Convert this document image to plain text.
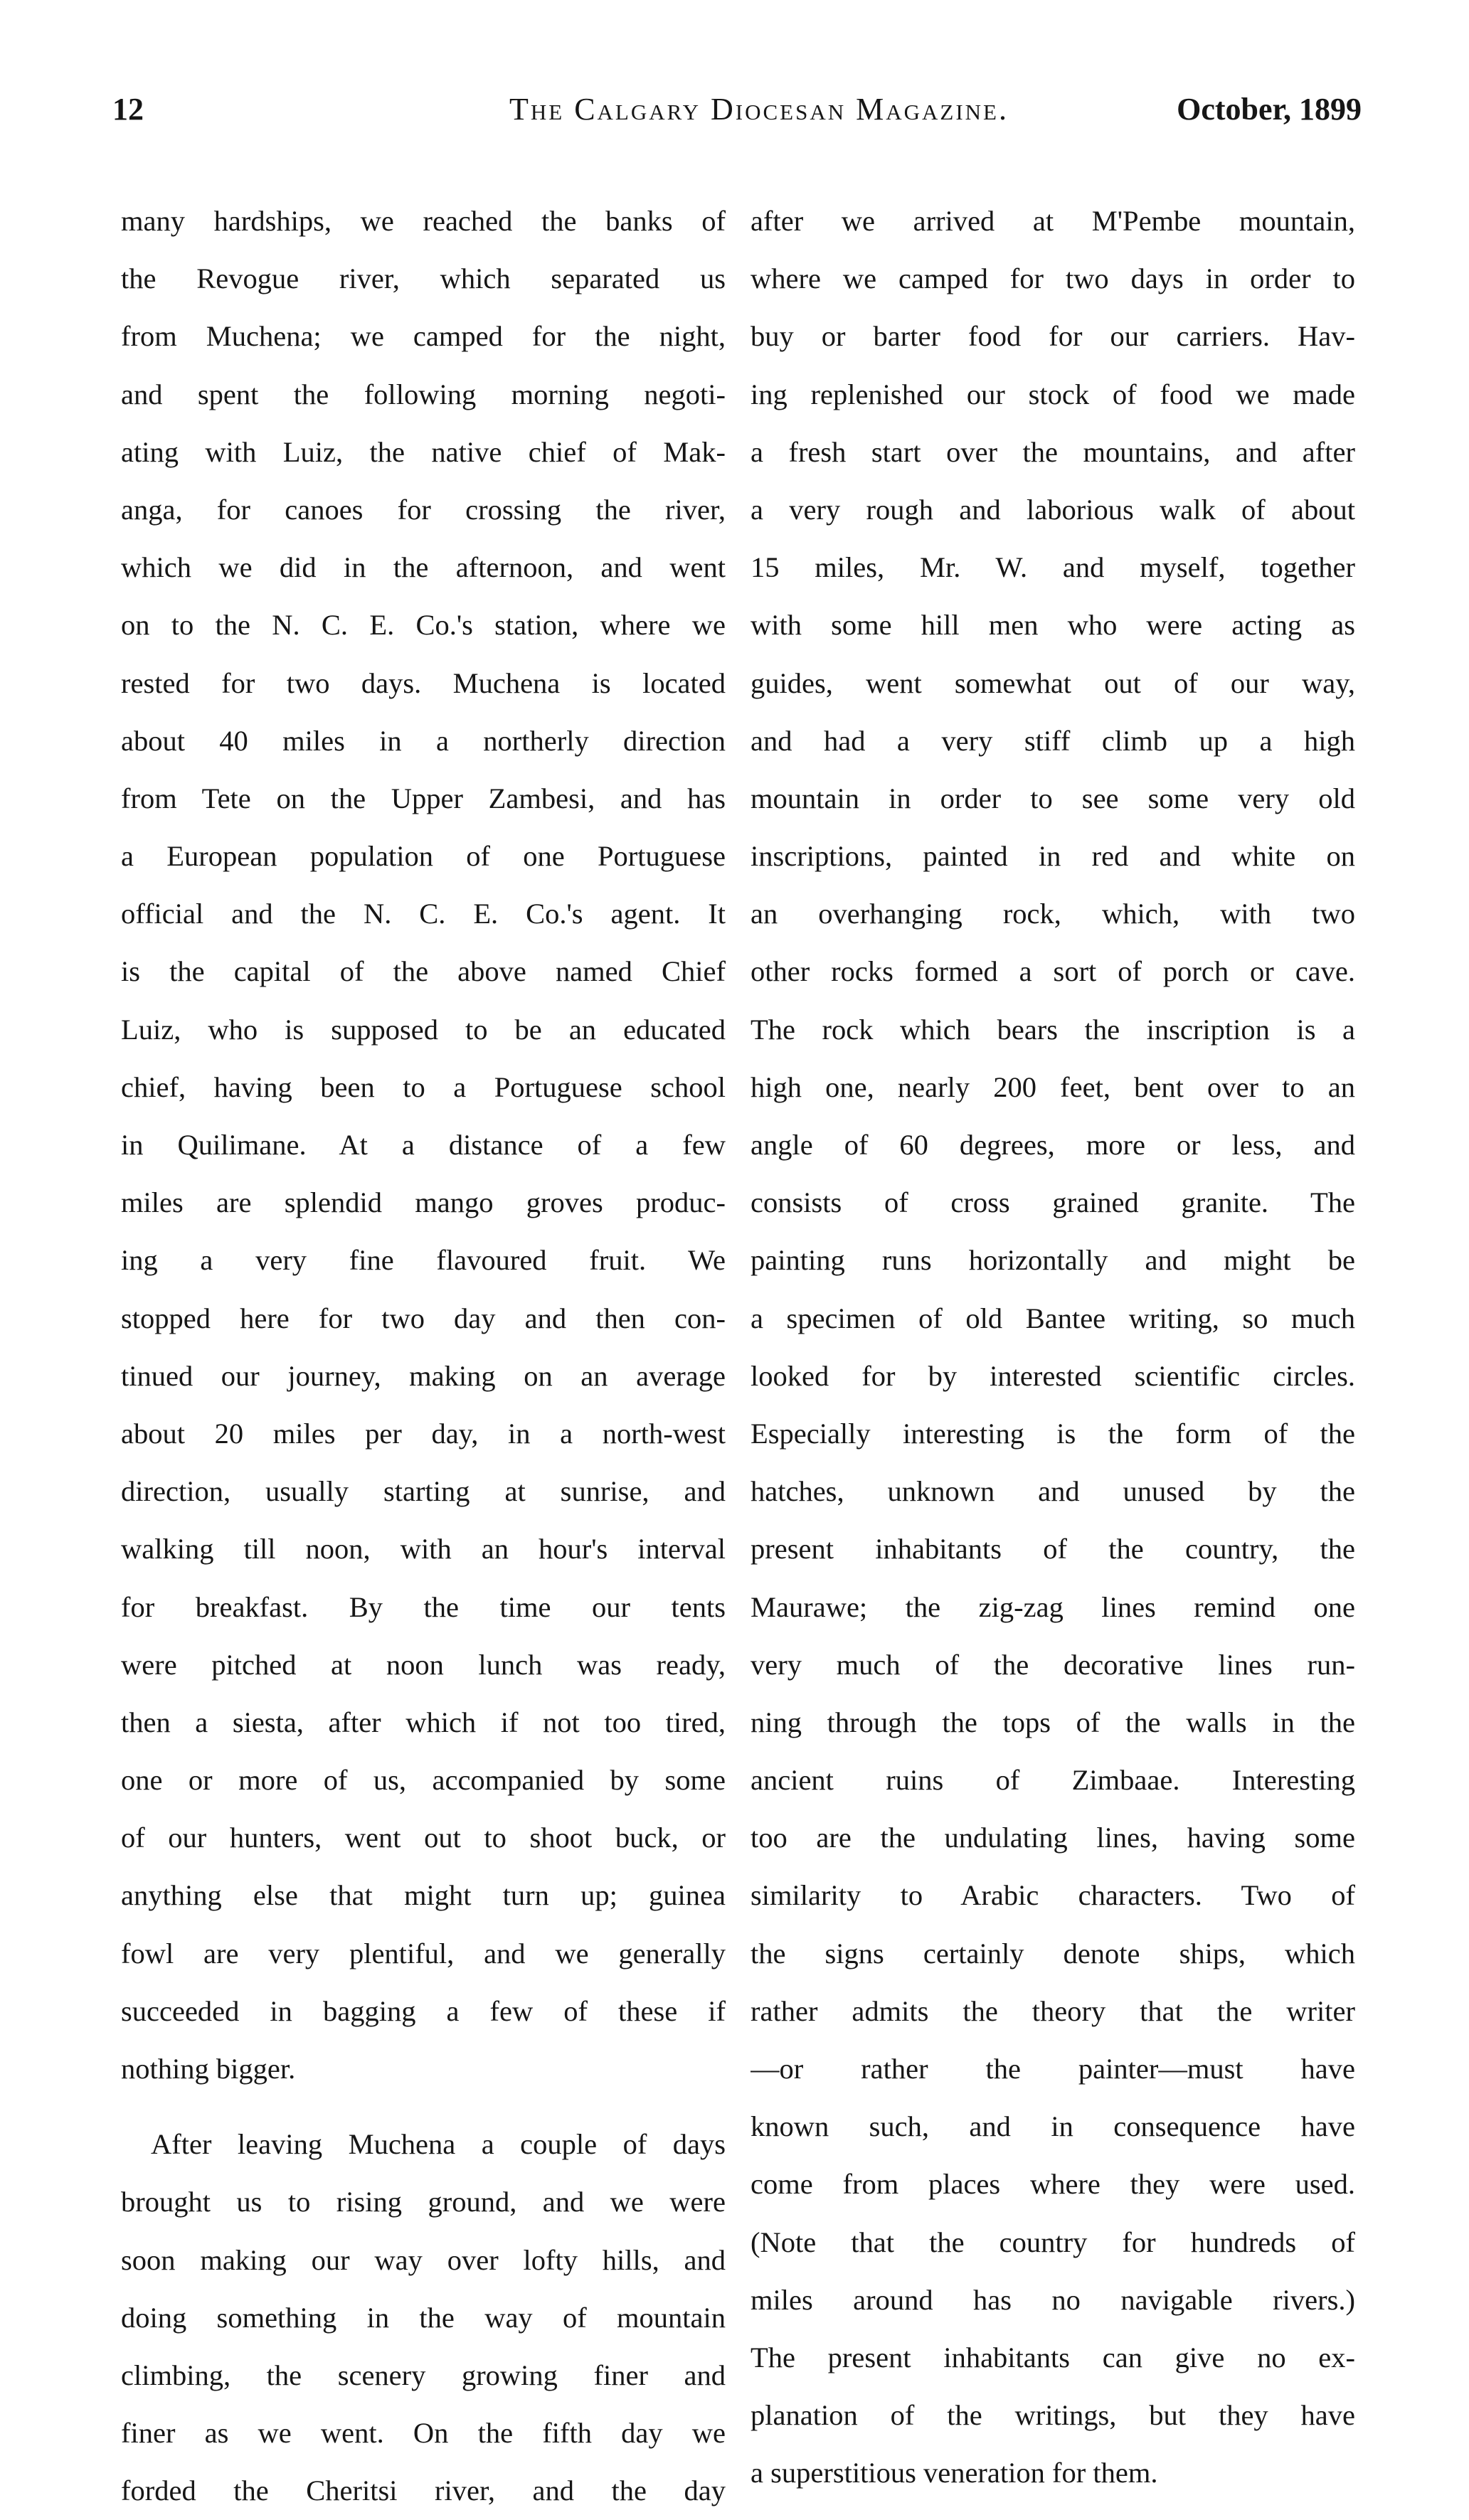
12	The Calgary Diocesan Magazine.	October, 1899
many hardships, we reached the banks of
the Revogue river, which separated us
from Muchena; we camped for the night,
and spent the following morning negoti-
ating with Luiz, the native chief of Mak-
anga, for canoes for crossing the river,
which we did in the afternoon, and went
on to the N. C. E. Co.'s station, where we
rested for two days. Muchena is located
about 40 miles in a northerly direction
from Tete on the Upper Zambesi, and has
a European population of one Portuguese
official and the N. C. E. Co.'s agent. It
is the capital of the above named Chief
Luiz, who is supposed to be an educated
chief, having been to a Portuguese school
in Quilimane. At a distance of a few
miles are splendid mango groves produc-
ing a very fine flavoured fruit. We
stopped here for two day and then con-
tinued our journey, making on an average
about 20 miles per day, in a north-west
direction, usually starting at sunrise, and
walking till noon, with an hour's interval
for breakfast. By the time our tents
were pitched at noon lunch was ready,
then a siesta, after which if not too tired,
one or more of us, accompanied by some
of our hunters, went out to shoot buck, or
anything else that might turn up; guinea
fowl are very plentiful, and we generally
succeeded in bagging a few of these if
nothing bigger.
After leaving Muchena a couple of days
brought us to rising ground, and we were
soon making our way over lofty hills, and
doing something in the way of mountain
climbing, the scenery growing finer and
finer as we went. On the fifth day we
forded the Cheritsi river, and the day
after we arrived at M'Pembe mountain,
where we camped for two days in order to
buy or barter food for our carriers. Hav-
ing replenished our stock of food we made
a fresh start over the mountains, and after
a very rough and laborious walk of about
15 miles, Mr. W. and myself, together
with some hill men who were acting as
guides, went somewhat out of our way,
and had a very stiff climb up a high
mountain in order to see some very old
inscriptions, painted in red and white on
an overhanging rock, which, with two
other rocks formed a sort of porch or cave.
The rock which bears the inscription is a
high one, nearly 200 feet, bent over to an
angle of 60 degrees, more or less, and
consists of cross grained granite. The
painting runs horizontally and might be
a specimen of old Bantee writing, so much
looked for by interested scientific circles.
Especially interesting is the form of the
hatches, unknown and unused by the
present inhabitants of the country, the
Maurawe; the zig-zag lines remind one
very much of the decorative lines run-
ning through the tops of the walls in the
ancient ruins of Zimbaae. Interesting
too are the undulating lines, having some
similarity to Arabic characters. Two of
the signs certainly denote ships, which
rather admits the theory that the writer
—or rather the painter—must have
known such, and in consequence have
come from places where they were used.
(Note that the country for hundreds of
miles around has no navigable rivers.)
The present inhabitants can give no ex-
planation of the writings, but they have
a superstitious veneration for them.
